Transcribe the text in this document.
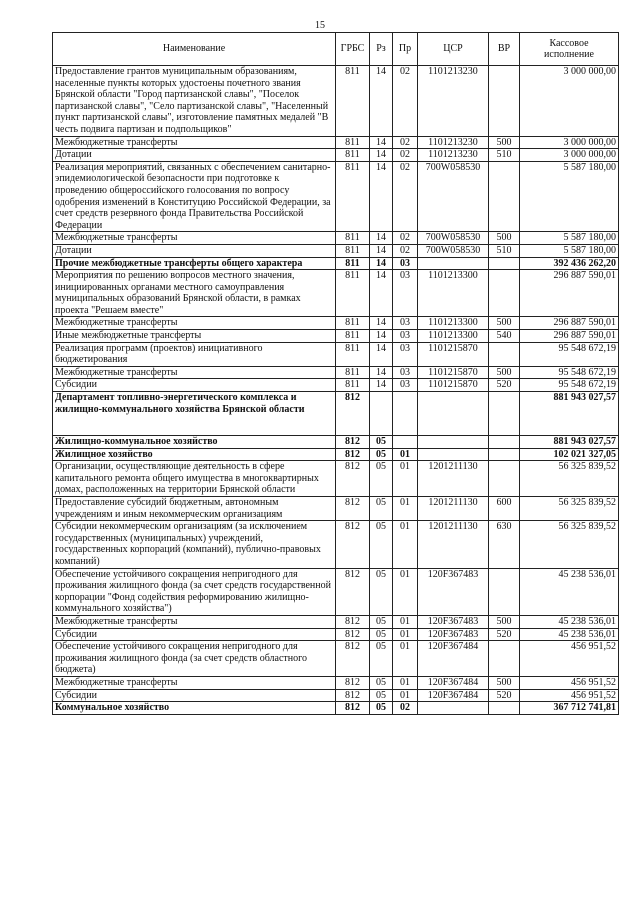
15
Наименование	ГРБС	Рз	Пр	ЦСР	ВР	Кассовое
исполнение
Предоставление грантов муниципальным образованиям, населенные пункты которых удостоены почетного звания Брянской области "Город партизанской славы", "Поселок партизанской славы", "Село партизанской славы", "Населенный пункт партизанской славы", изготовление памятных медалей "В честь подвига партизан и подпольщиков"	811	14	02	1101213230		3 000 000,00
Межбюджетные трансферты	811	14	02	1101213230	500	3 000 000,00
Дотации	811	14	02	1101213230	510	3 000 000,00
Реализация мероприятий, связанных с обеспечением санитарно-эпидемиологической безопасности при подготовке к проведению общероссийского голосования по вопросу одобрения изменений в Конституцию Российской Федерации, за счет средств резервного фонда Правительства Российской Федерации	811	14	02	700W058530		5 587 180,00
Межбюджетные трансферты	811	14	02	700W058530	500	5 587 180,00
Дотации	811	14	02	700W058530	510	5 587 180,00
Прочие межбюджетные трансферты общего характера	811	14	03			392 436 262,20
Мероприятия по решению вопросов местного значения, инициированных органами местного самоуправления муниципальных образований Брянской области, в рамках проекта "Решаем вместе"	811	14	03	1101213300		296 887 590,01
Межбюджетные трансферты	811	14	03	1101213300	500	296 887 590,01
Иные межбюджетные трансферты	811	14	03	1101213300	540	296 887 590,01
Реализация программ (проектов) инициативного бюджетирования	811	14	03	1101215870		95 548 672,19
Межбюджетные трансферты	811	14	03	1101215870	500	95 548 672,19
Субсидии	811	14	03	1101215870	520	95 548 672,19
Департамент топливно-энергетического комплекса и жилищно-коммунального хозяйства Брянской области	812					881 943 027,57
Жилищно-коммунальное хозяйство	812	05				881 943 027,57
Жилищное хозяйство	812	05	01			102 021 327,05
Организации, осуществляющие деятельность в сфере капитального ремонта общего имущества в многоквартирных домах, расположенных на территории Брянской области	812	05	01	1201211130		56 325 839,52
Предоставление субсидий бюджетным, автономным учреждениям и иным некоммерческим организациям	812	05	01	1201211130	600	56 325 839,52
Субсидии некоммерческим организациям (за исключением государственных (муниципальных) учреждений, государственных корпораций (компаний), публично-правовых компаний)	812	05	01	1201211130	630	56 325 839,52
Обеспечение устойчивого сокращения непригодного для проживания жилищного фонда (за счет средств государственной корпорации "Фонд содействия реформированию жилищно-коммунального хозяйства")	812	05	01	120F367483		45 238 536,01
Межбюджетные трансферты	812	05	01	120F367483	500	45 238 536,01
Субсидии	812	05	01	120F367483	520	45 238 536,01
Обеспечение устойчивого сокращения непригодного для проживания жилищного фонда (за счет средств областного бюджета)	812	05	01	120F367484		456 951,52
Межбюджетные трансферты	812	05	01	120F367484	500	456 951,52
Субсидии	812	05	01	120F367484	520	456 951,52
Коммунальное хозяйство	812	05	02			367 712 741,81
